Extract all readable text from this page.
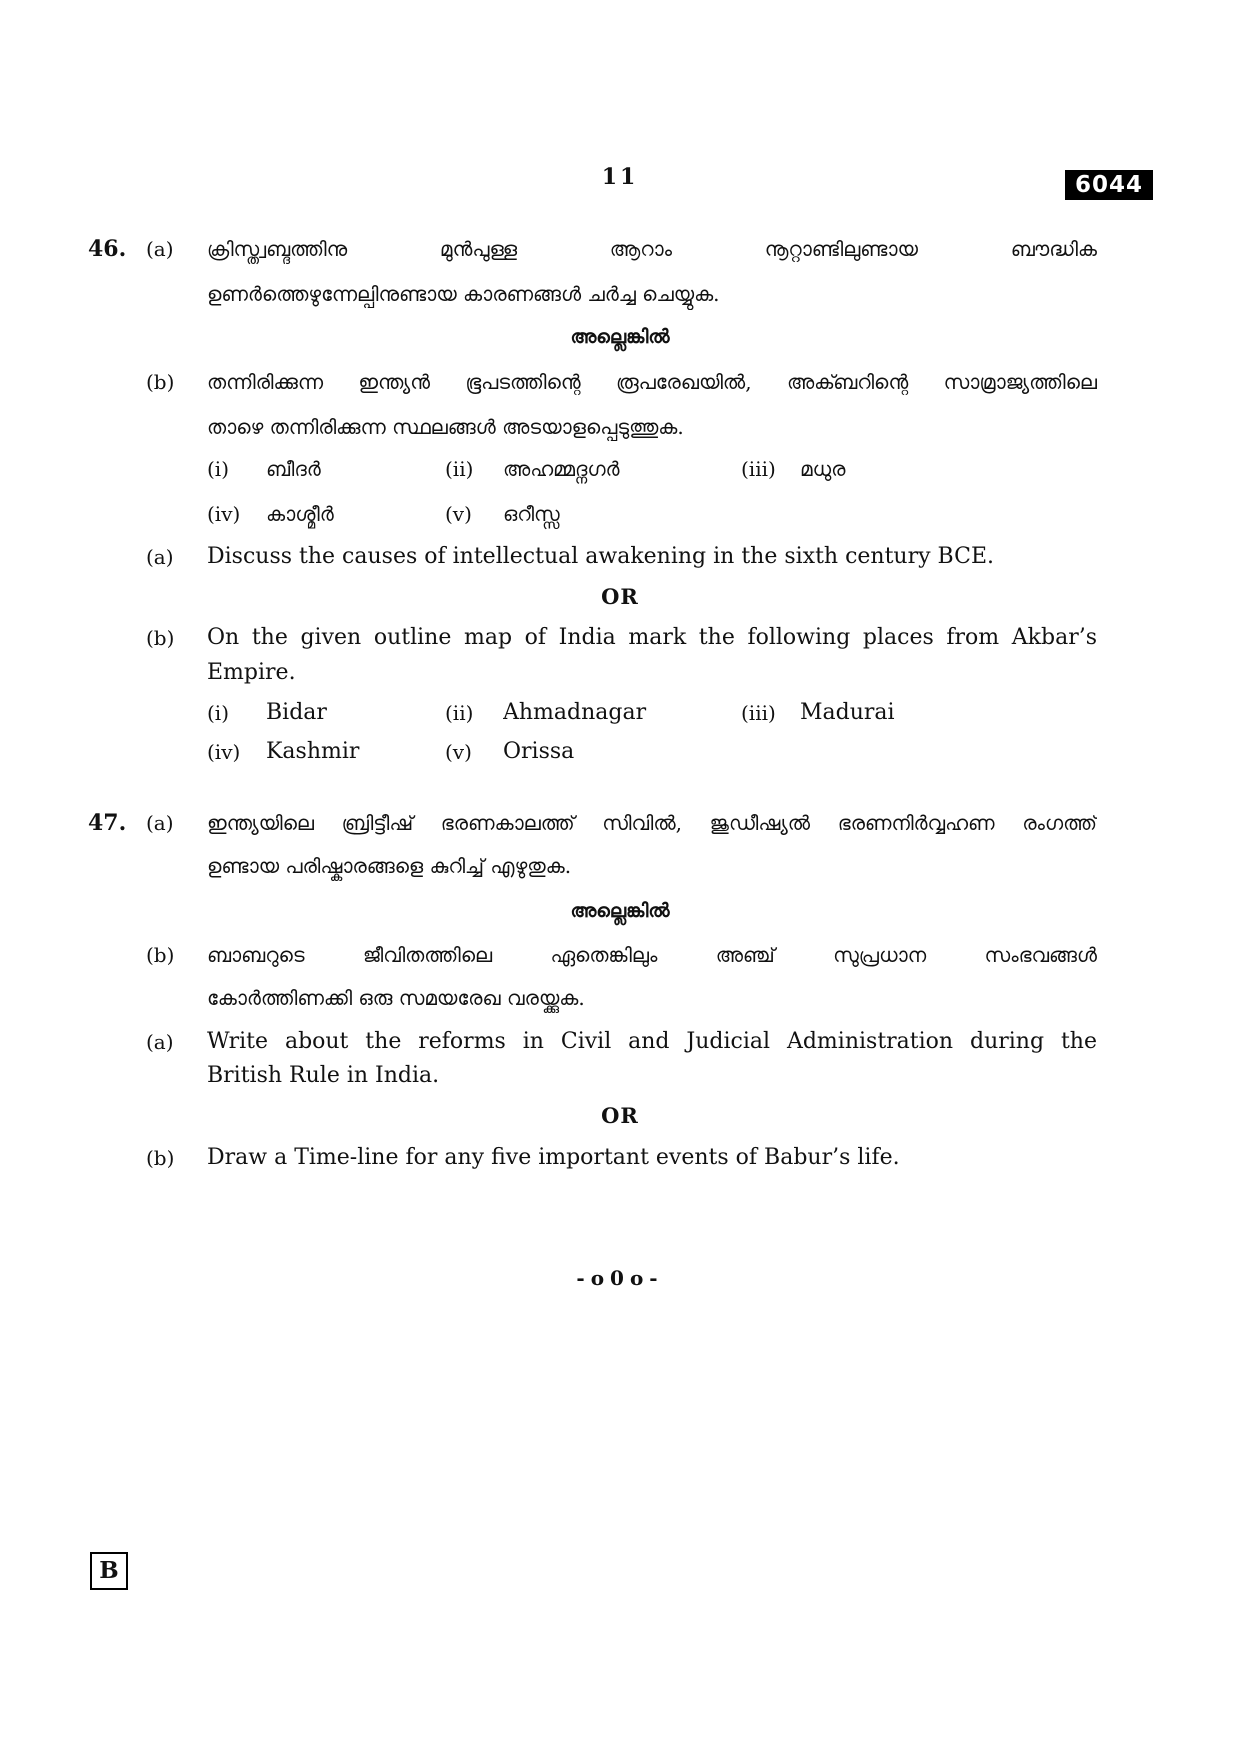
11	6044
46. (a)	ക്രിസ്ത്വബ്ദത്തിനു മുൻപുള്ള ആറാം നൂറ്റാണ്ടിലുണ്ടായ ബൗദ്ധിക
ഉണർത്തെഴുന്നേല്പിനുണ്ടായ കാരണങ്ങൾ ചർച്ച ചെയ്യുക.
അല്ലെങ്കിൽ
(b)	തന്നിരിക്കുന്ന ഇന്ത്യൻ ഭൂപടത്തിന്റെ രൂപരേഖയിൽ, അക്ബറിന്റെ സാമ്രാജ്യത്തിലെ
താഴെ തന്നിരിക്കുന്ന സ്ഥലങ്ങൾ അടയാളപ്പെടുത്തുക.
(i)	ബീദർ	(ii)	അഹമ്മദ്നഗർ	(iii)	മധുര
(iv)	കാശ്മീർ	(v)	ഒറീസ്സ
(a)	Discuss the causes of intellectual awakening in the sixth century BCE.
OR
(b)	On the given outline map of India mark the following places from Akbar’s
Empire.
(i)	Bidar	(ii)	Ahmadnagar	(iii)	Madurai
(iv)	Kashmir	(v)	Orissa
47. (a)	ഇന്ത്യയിലെ ബ്രിട്ടീഷ് ഭരണകാലത്ത് സിവിൽ, ജുഡീഷ്യൽ ഭരണനിർവ്വഹണ രംഗത്ത്
ഉണ്ടായ പരിഷ്കാരങ്ങളെ കുറിച്ച് എഴുതുക.
അല്ലെങ്കിൽ
(b)	ബാബറുടെ ജീവിതത്തിലെ ഏതെങ്കിലും അഞ്ച് സുപ്രധാന സംഭവങ്ങൾ
കോർത്തിണക്കി ഒരു സമയരേഖ വരയ്ക്കുക.
(a)	Write about the reforms in Civil and Judicial Administration during the
British Rule in India.
OR
(b)	Draw a Time-line for any five important events of Babur’s life.
-o0o-
B
